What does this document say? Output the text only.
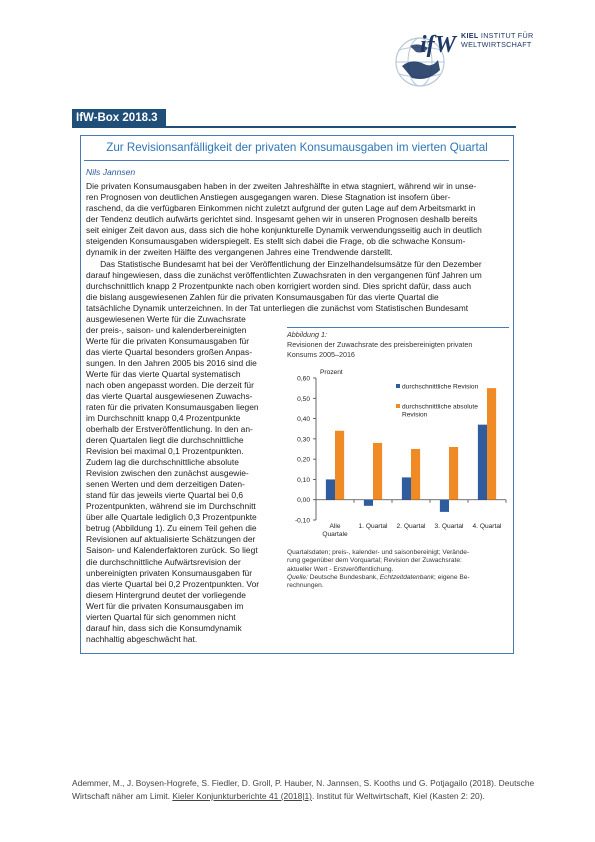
ifW KIEL INSTITUT FÜR
WELTWIRTSCHAFT
IfW-Box 2018.3
Zur Revisionsanfälligkeit der privaten Konsumausgaben im vierten Quartal
Nils Jannsen
Die privaten Konsumausgaben haben in der zweiten Jahreshälfte in etwa stagniert, während wir in unse-
ren Prognosen von deutlichen Anstiegen ausgegangen waren. Diese Stagnation ist insofern über-
raschend, da die verfügbaren Einkommen nicht zuletzt aufgrund der guten Lage auf dem Arbeitsmarkt in
der Tendenz deutlich aufwärts gerichtet sind. Insgesamt gehen wir in unseren Prognosen deshalb bereits
seit einiger Zeit davon aus, dass sich die hohe konjunkturelle Dynamik verwendungsseitig auch in deutlich
steigenden Konsumausgaben widerspiegelt. Es stellt sich dabei die Frage, ob die schwache Konsum-
dynamik in der zweiten Hälfte des vergangenen Jahres eine Trendwende darstellt.
Das Statistische Bundesamt hat bei der Veröffentlichung der Einzelhandelsumsätze für den Dezember
darauf hingewiesen, dass die zunächst veröffentlichten Zuwachsraten in den vergangenen fünf Jahren um
durchschnittlich knapp 2 Prozentpunkte nach oben korrigiert worden sind. Dies spricht dafür, dass auch
die bislang ausgewiesenen Zahlen für die privaten Konsumausgaben für das vierte Quartal die
tatsächliche Dynamik unterzeichnen. In der Tat unterliegen die zunächst vom Statistischen Bundesamt
ausgewiesenen Werte für die Zuwachsrate
der preis-, saison- und kalenderbereinigten
Werte für die privaten Konsumausgaben für
das vierte Quartal besonders großen Anpas-
sungen. In den Jahren 2005 bis 2016 sind die
Werte für das vierte Quartal systematisch
nach oben angepasst worden. Die derzeit für
das vierte Quartal ausgewiesenen Zuwachs-
raten für die privaten Konsumausgaben liegen
im Durchschnitt knapp 0,4 Prozentpunkte
oberhalb der Erstveröffentlichung. In den an-
deren Quartalen liegt die durchschnittliche
Revision bei maximal 0,1 Prozentpunkten.
Zudem lag die durchschnittliche absolute
Revision zwischen den zunächst ausgewie-
senen Werten und dem derzeitigen Daten-
stand für das jeweils vierte Quartal bei 0,6
Prozentpunkten, während sie im Durchschnitt
über alle Quartale lediglich 0,3 Prozentpunkte
betrug (Abbildung 1). Zu einem Teil gehen die
Revisionen auf aktualisierte Schätzungen der
Saison- und Kalenderfaktoren zurück. So liegt
die durchschnittliche Aufwärtsrevision der
unbereinigten privaten Konsumausgaben für
das vierte Quartal bei 0,2 Prozentpunkten. Vor
diesem Hintergrund deutet der vorliegende
Wert für die privaten Konsumausgaben im
vierten Quartal für sich genommen nicht
darauf hin, dass sich die Konsumdynamik
nachhaltig abgeschwächt hat.
Abbildung 1:
Revisionen der Zuwachsrate des preisbereinigten privaten
Konsums 2005–2016
Prozent
-0,10
0,00
0,10
0,20
0,30
0,40
0,50
0,60
Alle
Quartale
1. Quartal 2. Quartal 3. Quartal 4. Quartal
durchschnittliche Revision
durchschnittliche absolute
Revision
Quartalsdaten; preis-, kalender- und saisonbereinigt; Verände-
rung gegenüber dem Vorquartal; Revision der Zuwachsrate:
aktueller Wert - Erstveröffentlichung.
Quelle: Deutsche Bundesbank, Echtzeitdatenbank; eigene Be-
rechnungen.
Ademmer, M., J. Boysen-Hogrefe, S. Fiedler, D. Groll, P. Hauber, N. Jannsen, S. Kooths und G. Potjagailo (2018). Deutsche
Wirtschaft näher am Limit. Kieler Konjunkturberichte 41 (2018|1). Institut für Weltwirtschaft, Kiel (Kasten 2: 20).
